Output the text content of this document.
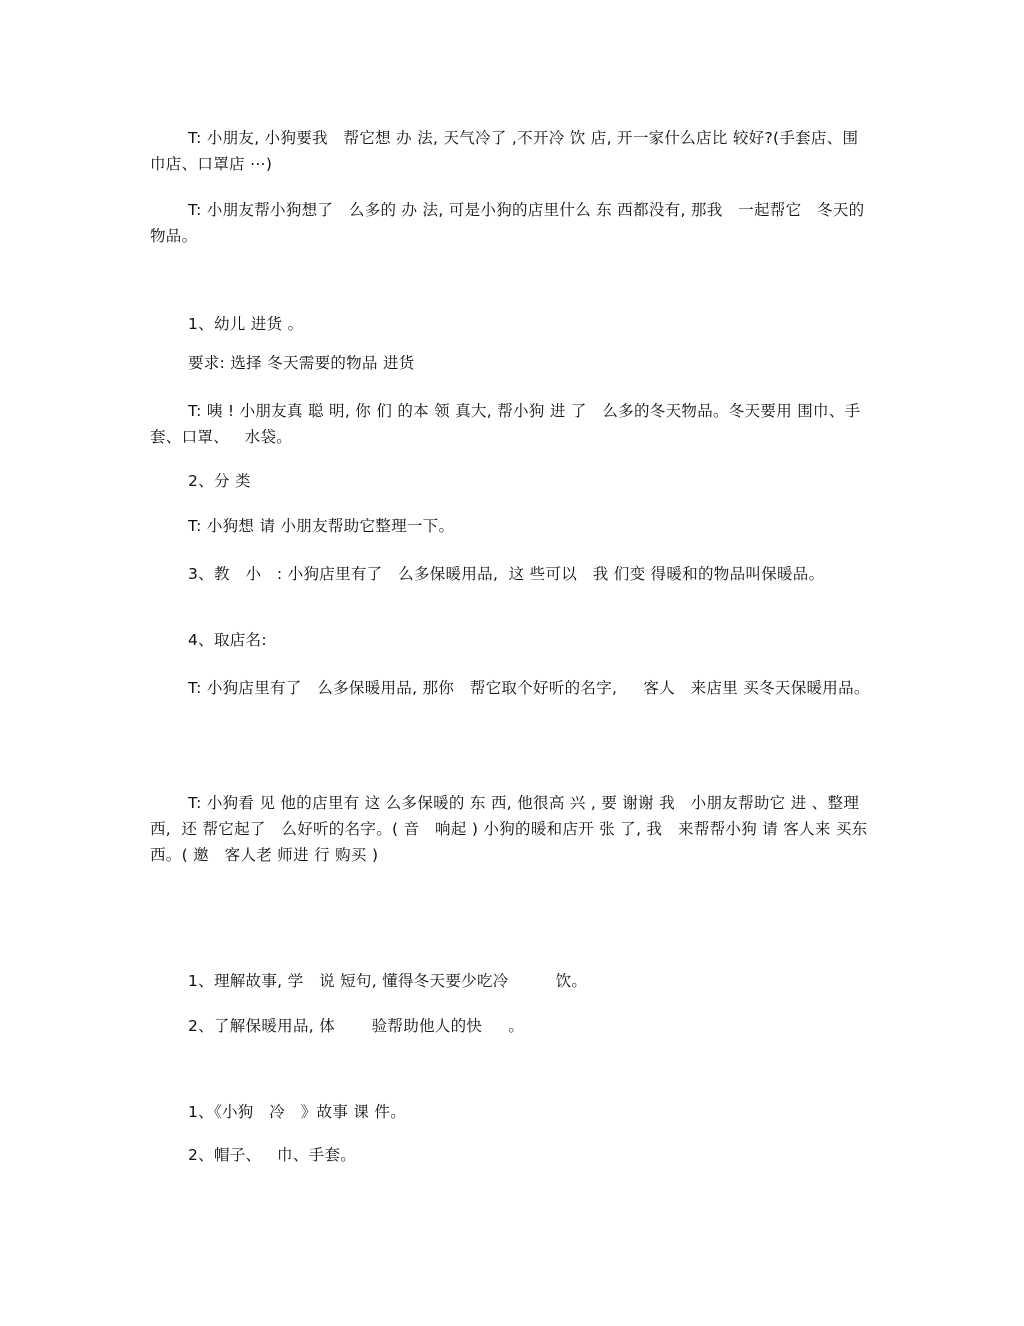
T: 小朋友, 小狗要我   帮它想 办 法, 天气冷了 ,不开冷 饮 店, 开一家什么店比 较好?(手套店、围 巾店、口罩店 ⋯)

T: 小朋友帮小狗想了   么多的 办 法, 可是小狗的店里什么 东 西都没有, 那我   一起帮它   冬天的物品。

1、幼儿 进货 。

要求: 选择 冬天需要的物品 进货

T: 咦 ! 小朋友真 聪 明, 你 们 的本 领 真大, 帮小狗 进 了   么多的冬天物品。冬天要用 围巾、手套、口罩、   水袋。

2、分 类

T: 小狗想 请 小朋友帮助它整理一下。

3、教   小   : 小狗店里有了   么多保暖用品,  这 些可以   我 们变 得暖和的物品叫保暖品。

4、取店名:

T: 小狗店里有了   么多保暖用品, 那你   帮它取个好听的名字,     客人   来店里 买冬天保暖用品。

T: 小狗看 见 他的店里有 这 么多保暖的 东 西, 他很高 兴 , 要 谢谢 我   小朋友帮助它 进 、整理   西,  还 帮它起了   么好听的名字。( 音   响起 ) 小狗的暖和店开 张 了, 我   来帮帮小狗 请 客人来 买东 西。( 邀   客人老 师进 行 购买 )

1、理解故事, 学   说 短句, 懂得冬天要少吃冷         饮。

2、了解保暖用品, 体       验帮助他人的快     。

1、《小狗   冷   》故事 课 件。

2、帽子、   巾、手套。
